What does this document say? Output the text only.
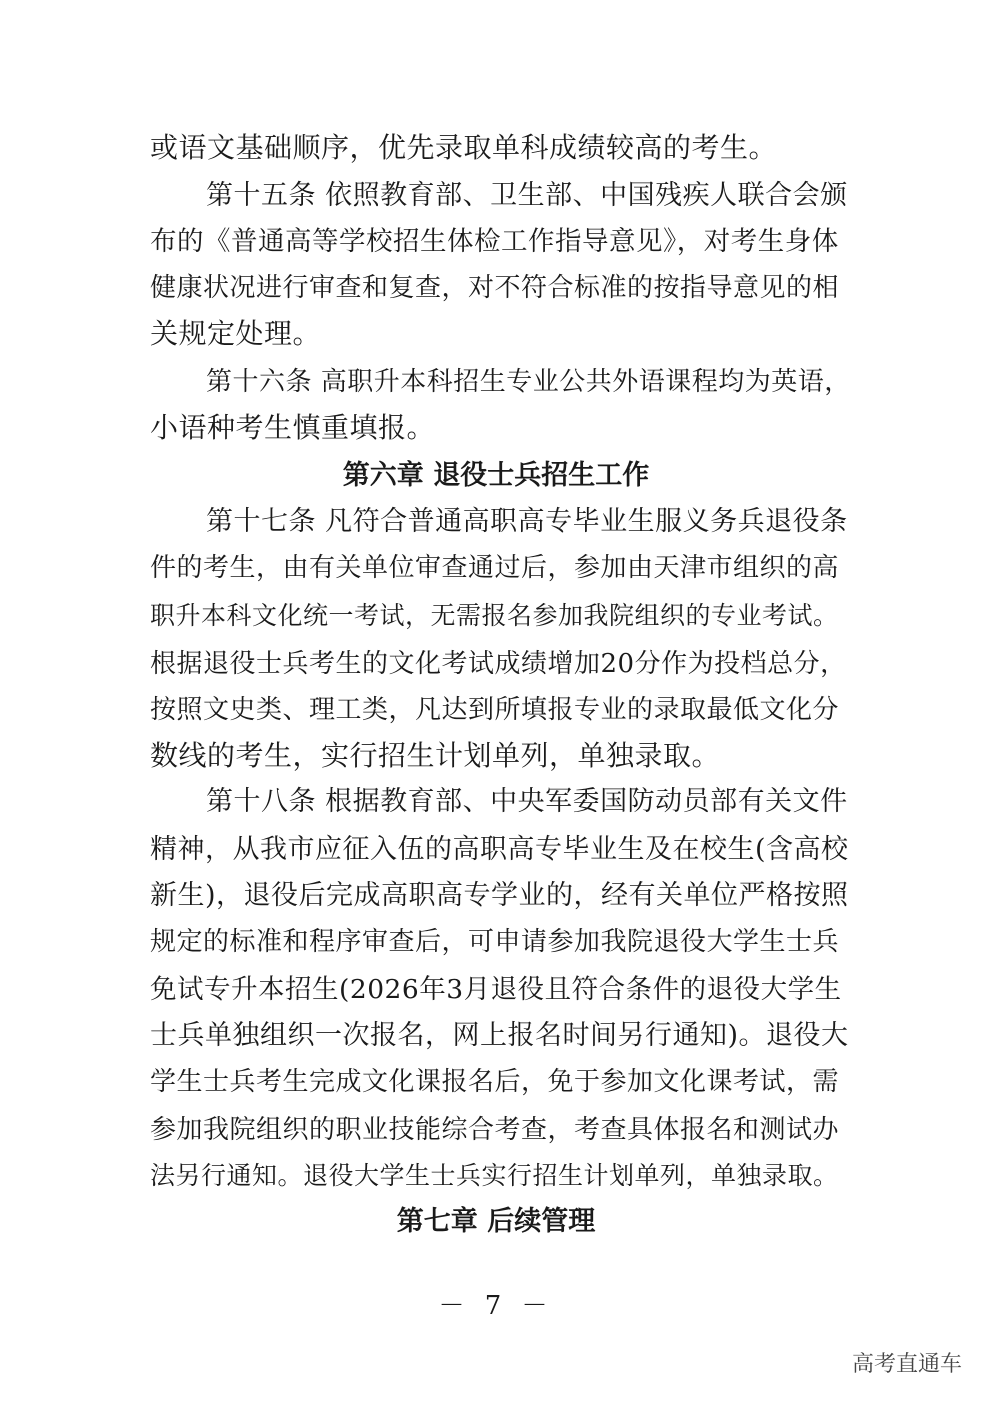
或语文基础顺序，优先录取单科成绩较高的考生。
第十五条 依照教育部、卫生部、中国残疾人联合会颁
布的《普通高等学校招生体检工作指导意见》，对考生身体
健康状况进行审查和复查，对不符合标准的按指导意见的相
关规定处理。
第十六条 高职升本科招生专业公共外语课程均为英语，
小语种考生慎重填报。
第六章 退役士兵招生工作
第十七条 凡符合普通高职高专毕业生服义务兵退役条
件的考生，由有关单位审查通过后，参加由天津市组织的高
职升本科文化统一考试，无需报名参加我院组织的专业考试。
根据退役士兵考生的文化考试成绩增加20分作为投档总分，
按照文史类、理工类，凡达到所填报专业的录取最低文化分
数线的考生，实行招生计划单列，单独录取。
第十八条 根据教育部、中央军委国防动员部有关文件
精神，从我市应征入伍的高职高专毕业生及在校生(含高校
新生)，退役后完成高职高专学业的，经有关单位严格按照
规定的标准和程序审查后，可申请参加我院退役大学生士兵
免试专升本招生(2026年3月退役且符合条件的退役大学生
士兵单独组织一次报名，网上报名时间另行通知)。退役大
学生士兵考生完成文化课报名后，免于参加文化课考试，需
参加我院组织的职业技能综合考查，考查具体报名和测试办
法另行通知。退役大学生士兵实行招生计划单列，单独录取。
第七章 后续管理
－ 7 －
高考直通车
